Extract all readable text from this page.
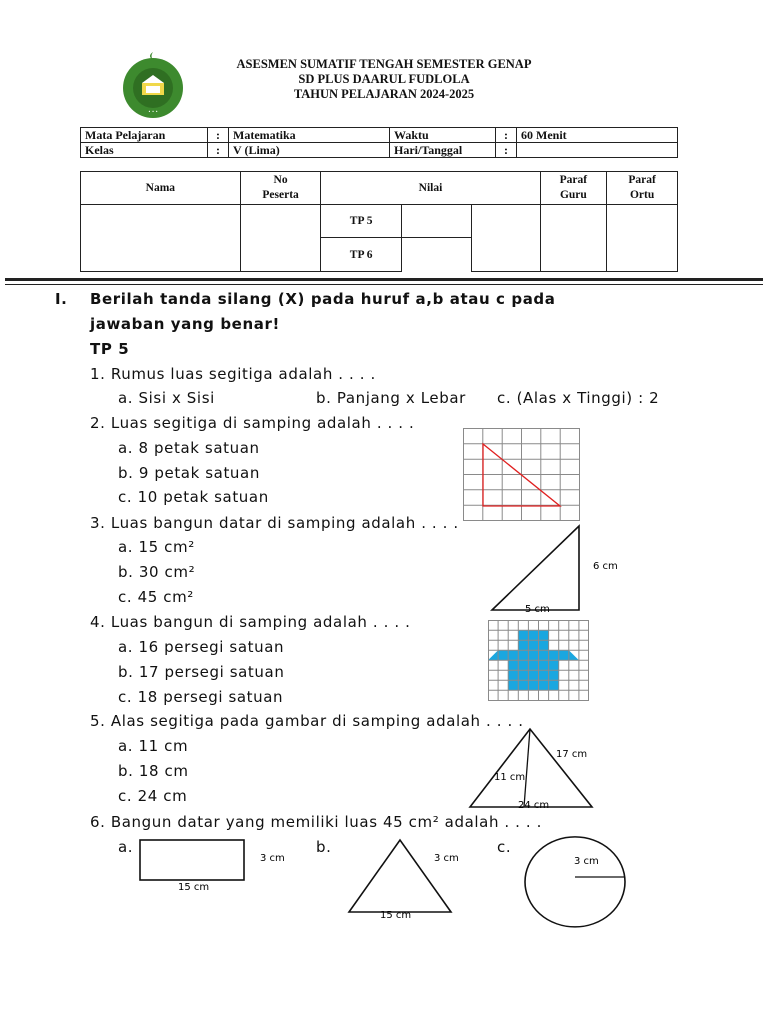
• • •
ASESMEN SUMATIF TENGAH SEMESTER GENAP
SD PLUS DAARUL FUDLOLA
TAHUN PELAJARAN 2024-2025
Mata Pelajaran	:	Matematika	Waktu	:	60 Menit
Kelas	:	V (Lima)	Hari/Tanggal	:	
Nama	No Peserta	Nilai			Paraf Guru	Paraf Ortu
		TP 5				
		TP 6				
I. Berilah tanda silang (X) pada huruf a,b atau c pada
jawaban yang benar!
TP 5
1. Rumus luas segitiga adalah . . . .
a. Sisi x Sisi	b. Panjang x Lebar c. (Alas x Tinggi) : 2
2. Luas segitiga di samping adalah . . . .
a. 8 petak satuan
b. 9 petak satuan
c. 10 petak satuan
3. Luas bangun datar di samping adalah . . . .
a. 15 cm²
b. 30 cm²
c. 45 cm²
6 cm
5 cm
4. Luas bangun di samping adalah . . . .
a. 16 persegi satuan
b. 17 persegi satuan
c. 18 persegi satuan
5. Alas segitiga pada gambar di samping adalah . . . .
a. 11 cm
b. 18 cm
c. 24 cm
17 cm
11 cm
24 cm
6. Bangun datar yang memiliki luas 45 cm² adalah . . . .
a.	b.	c.
3 cm
15 cm
3 cm
15 cm
3 cm
